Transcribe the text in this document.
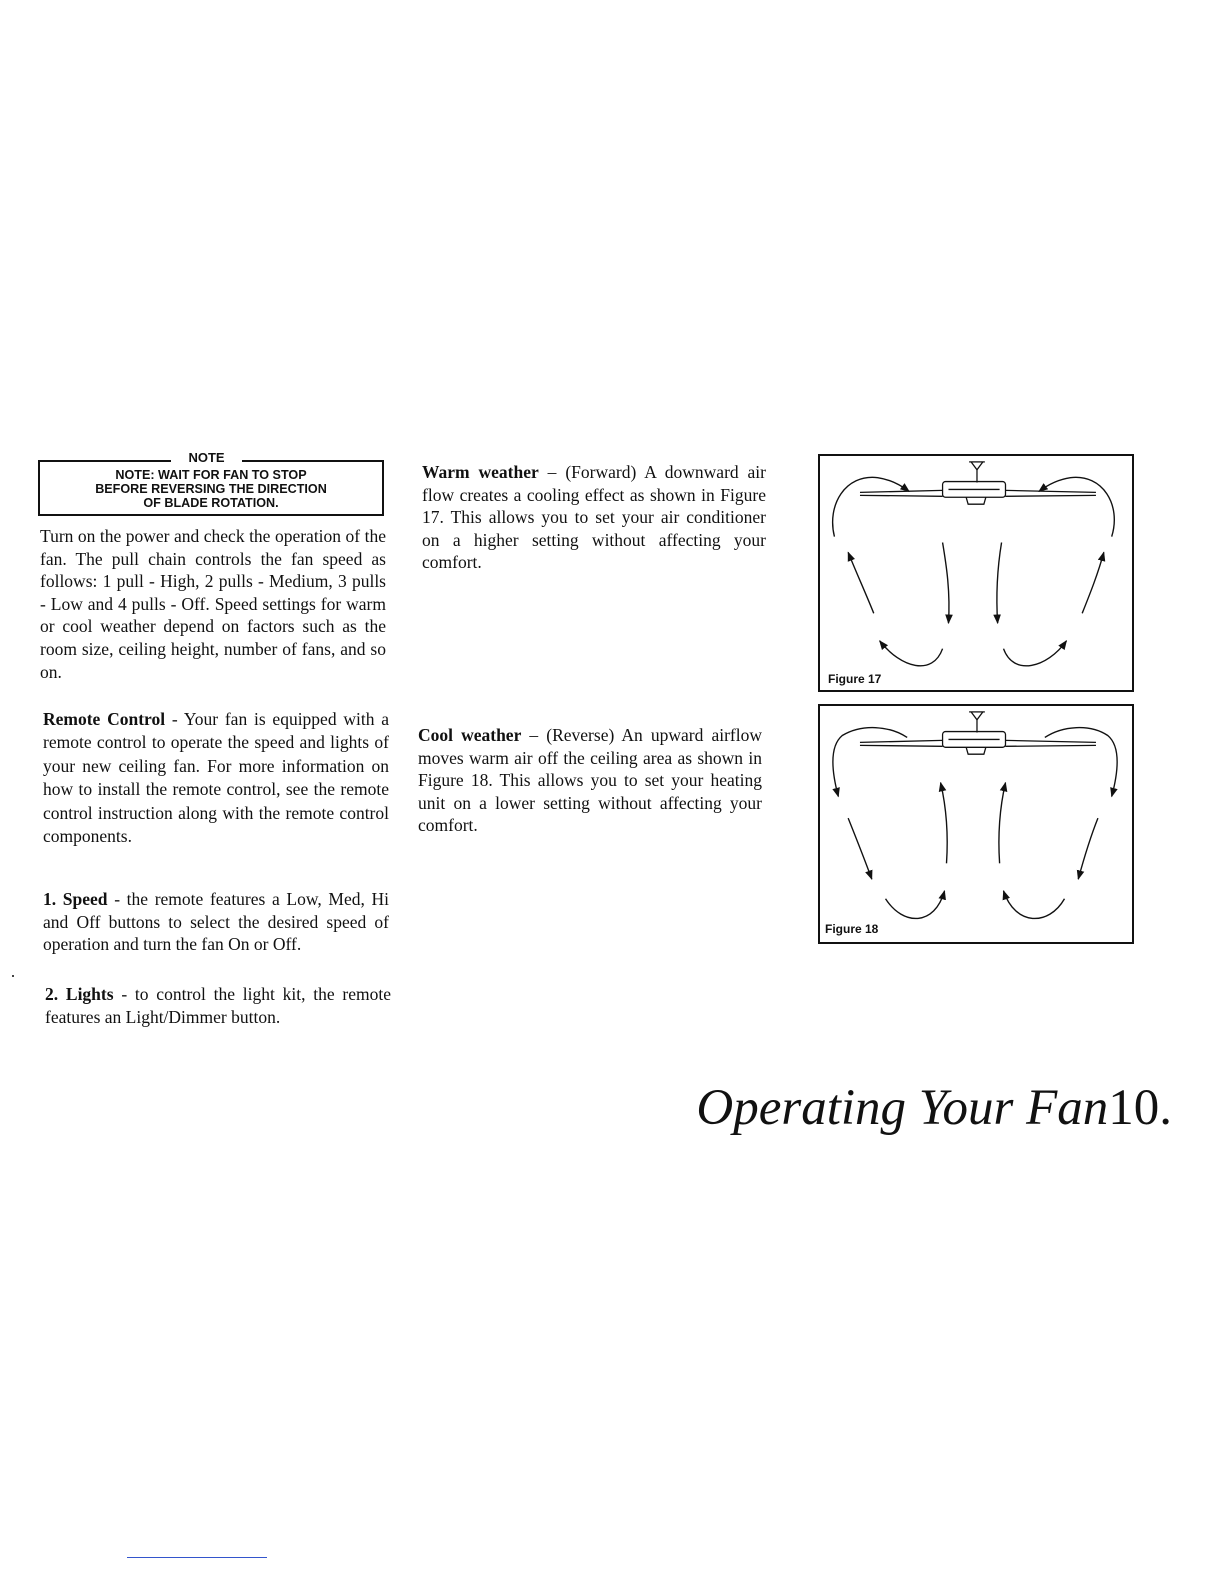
NOTE
NOTE: WAIT FOR FAN TO STOP
BEFORE REVERSING THE DIRECTION
OF BLADE ROTATION.

Turn on the power and check the operation of the fan. The pull chain controls the fan speed as follows: 1 pull - High, 2 pulls - Medium, 3 pulls - Low and 4 pulls - Off. Speed settings for warm or cool weather depend on factors such as the room size, ceiling height, number of fans, and so on.

Remote Control - Your fan is equipped with a remote control to operate the speed and lights of your new ceiling fan. For more information on how to install the remote control, see the remote control instruction along with the remote control components.

1. Speed - the remote features a Low, Med, Hi and Off buttons to select the desired speed of operation and turn the fan On or Off.

2. Lights - to control the light kit, the remote features an Light/Dimmer button.

Warm weather – (Forward) A downward air flow creates a cooling effect as shown in Figure 17. This allows you to set your air conditioner on a higher setting without affecting your comfort.

Cool weather – (Reverse) An upward airflow moves warm air off the ceiling area as shown in Figure 18. This allows you to set your heating unit on a lower setting without affecting your comfort.

Figure 17
Figure 18
Operating Your Fan10.
